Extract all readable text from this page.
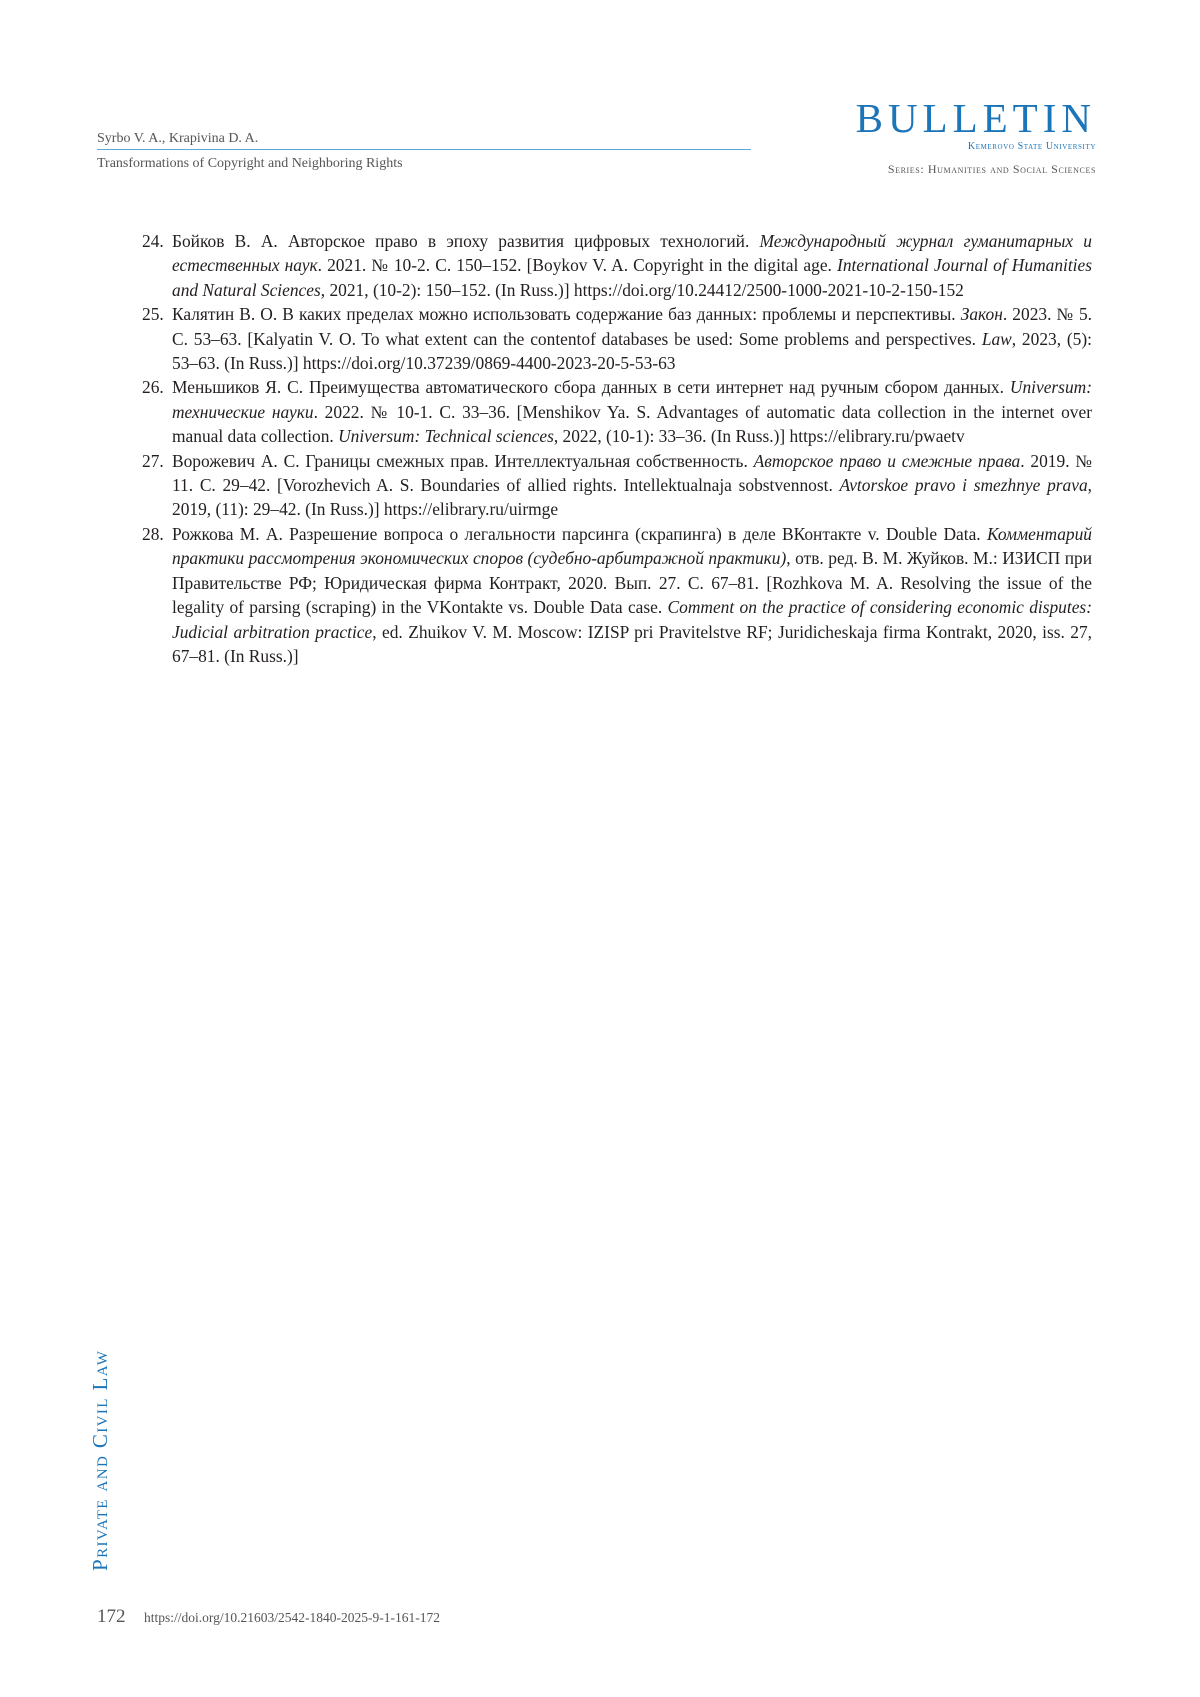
Syrbo V. A., Krapivina D. A.
Transformations of Copyright and Neighboring Rights
BULLETIN
Kemerovo State University
Series: Humanities and Social Sciences
24. Бойков В. А. Авторское право в эпоху развития цифровых технологий. Международный журнал гуманитарных и естественных наук. 2021. № 10-2. С. 150–152. [Boykov V. A. Copyright in the digital age. International Journal of Humanities and Natural Sciences, 2021, (10-2): 150–152. (In Russ.)] https://doi.org/10.24412/2500-1000-2021-10-2-150-152
25. Калятин В. О. В каких пределах можно использовать содержание баз данных: проблемы и перспективы. Закон. 2023. № 5. С. 53–63. [Kalyatin V. O. To what extent can the contentof databases be used: Some problems and perspectives. Law, 2023, (5): 53–63. (In Russ.)] https://doi.org/10.37239/0869-4400-2023-20-5-53-63
26. Меньшиков Я. С. Преимущества автоматического сбора данных в сети интернет над ручным сбором данных. Universum: технические науки. 2022. № 10-1. С. 33–36. [Menshikov Ya. S. Advantages of automatic data collection in the internet over manual data collection. Universum: Technical sciences, 2022, (10-1): 33–36. (In Russ.)] https://elibrary.ru/pwaetv
27. Ворожевич А. С. Границы смежных прав. Интеллектуальная собственность. Авторское право и смежные права. 2019. № 11. С. 29–42. [Vorozhevich A. S. Boundaries of allied rights. Intellektualnaja sobstvennost. Avtorskoe pravo i smezhnye prava, 2019, (11): 29–42. (In Russ.)] https://elibrary.ru/uirmge
28. Рожкова М. А. Разрешение вопроса о легальности парсинга (скрапинга) в деле ВКонтакте v. Double Data. Комментарий практики рассмотрения экономических споров (судебно-арбитражной практики), отв. ред. В. М. Жуйков. М.: ИЗИСП при Правительстве РФ; Юридическая фирма Контракт, 2020. Вып. 27. С. 67–81. [Rozhkova M. A. Resolving the issue of the legality of parsing (scraping) in the VKontakte vs. Double Data case. Comment on the practice of considering economic disputes: Judicial arbitration practice, ed. Zhuikov V. M. Moscow: IZISP pri Pravitelstve RF; Juridicheskaja firma Kontrakt, 2020, iss. 27, 67–81. (In Russ.)]
Private and Civil Law
172 https://doi.org/10.21603/2542-1840-2025-9-1-161-172
